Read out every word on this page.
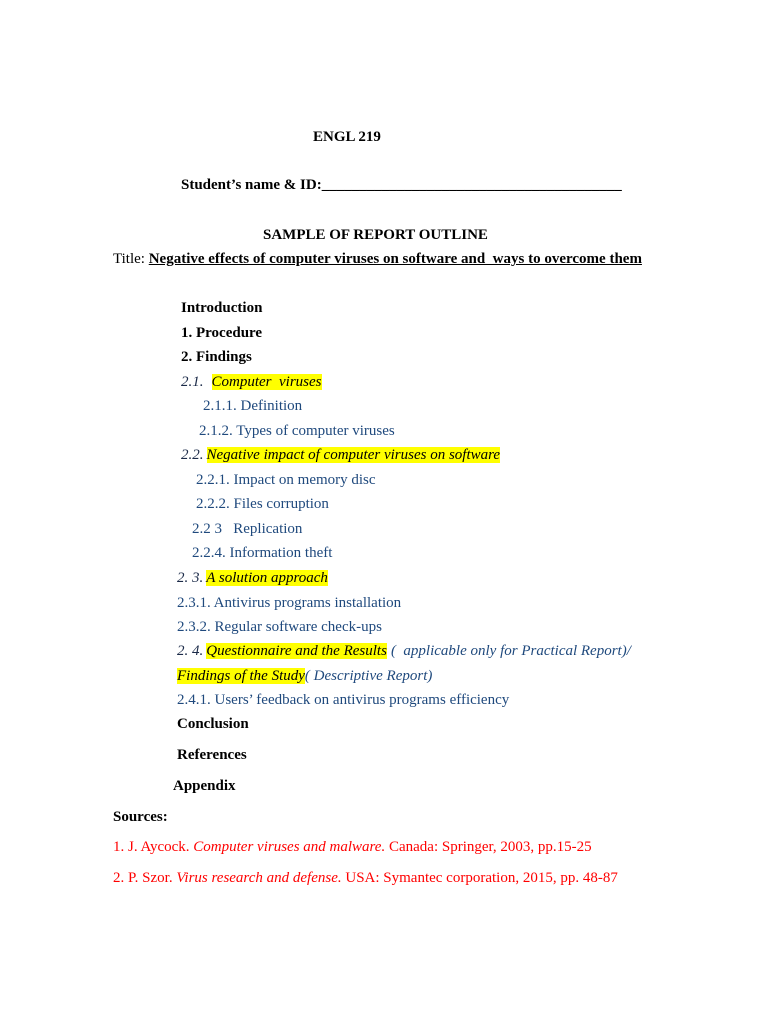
ENGL 219
Student’s name & ID:________________________________________
SAMPLE OF REPORT OUTLINE
Title: Negative effects of computer viruses on software and  ways to overcome them
Introduction
1. Procedure
2. Findings
2.1. Computer  viruses
2.1.1. Definition
2.1.2. Types of computer viruses
2.2. Negative impact of computer viruses on software
2.2.1. Impact on memory disc
2.2.2. Files corruption
2.2 3   Replication
2.2.4. Information theft
2. 3. A solution approach
2.3.1. Antivirus programs installation
2.3.2. Regular software check-ups
2. 4. Questionnaire and the Results (  applicable only for Practical Report)/
Findings of the Study( Descriptive Report)
2.4.1. Users’ feedback on antivirus programs efficiency
Conclusion
References
Appendix
Sources:
1. J. Aycock. Computer viruses and malware. Canada: Springer, 2003, pp.15-25
2. P. Szor. Virus research and defense. USA: Symantec corporation, 2015, pp. 48-87
